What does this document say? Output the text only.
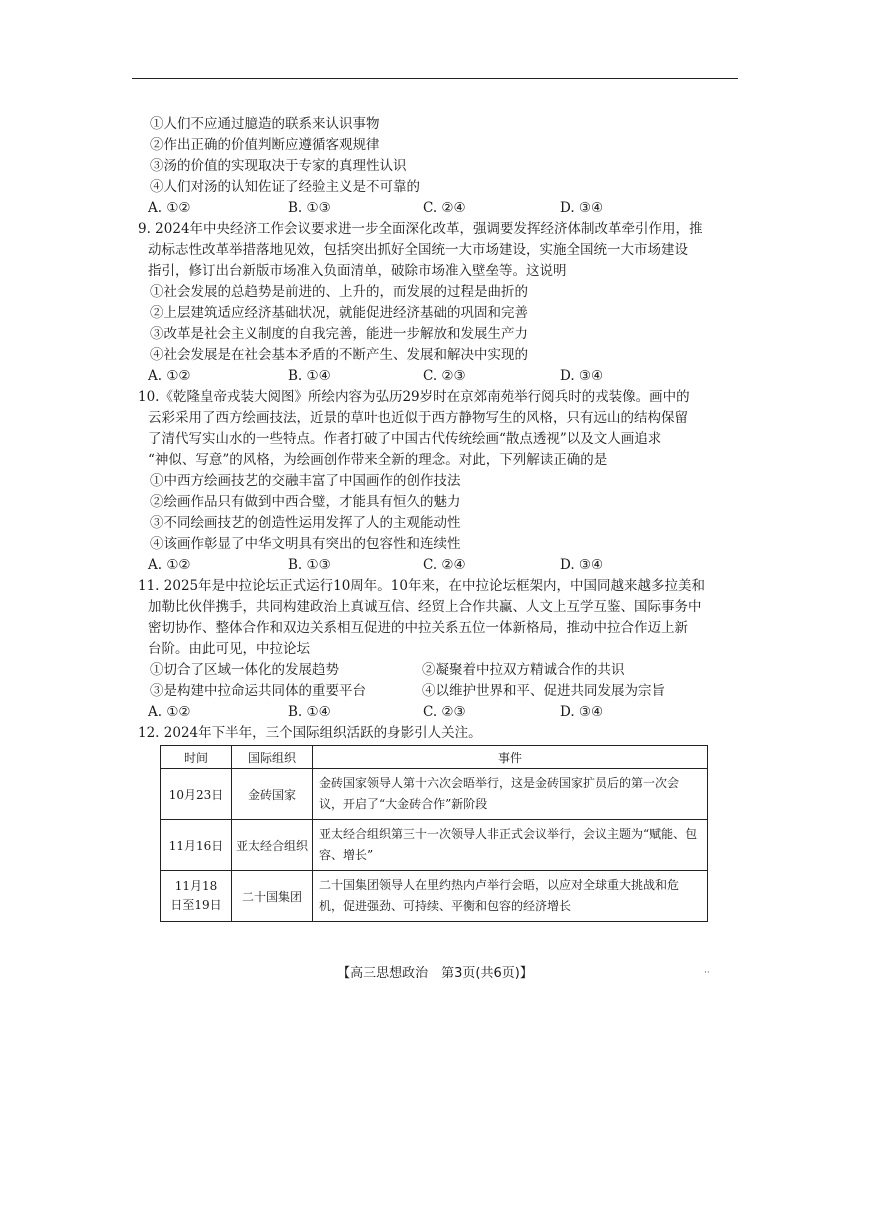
①人们不应通过臆造的联系来认识事物
②作出正确的价值判断应遵循客观规律
③汤的价值的实现取决于专家的真理性认识
④人们对汤的认知佐证了经验主义是不可靠的
A. ①②	B. ①③	C. ②④	D. ③④
9. 2024年中央经济工作会议要求进一步全面深化改革，强调要发挥经济体制改革牵引作用，推
动标志性改革举措落地见效，包括突出抓好全国统一大市场建设，实施全国统一大市场建设
指引，修订出台新版市场准入负面清单，破除市场准入壁垒等。这说明
①社会发展的总趋势是前进的、上升的，而发展的过程是曲折的
②上层建筑适应经济基础状况，就能促进经济基础的巩固和完善
③改革是社会主义制度的自我完善，能进一步解放和发展生产力
④社会发展是在社会基本矛盾的不断产生、发展和解决中实现的
A. ①②	B. ①④	C. ②③	D. ③④
10.《乾隆皇帝戎装大阅图》所绘内容为弘历29岁时在京郊南苑举行阅兵时的戎装像。画中的
云彩采用了西方绘画技法，近景的草叶也近似于西方静物写生的风格，只有远山的结构保留
了清代写实山水的一些特点。作者打破了中国古代传统绘画“散点透视”以及文人画追求
“神似、写意”的风格，为绘画创作带来全新的理念。对此，下列解读正确的是
①中西方绘画技艺的交融丰富了中国画作的创作技法
②绘画作品只有做到中西合璧，才能具有恒久的魅力
③不同绘画技艺的创造性运用发挥了人的主观能动性
④该画作彰显了中华文明具有突出的包容性和连续性
A. ①②	B. ①③	C. ②④	D. ③④
11. 2025年是中拉论坛正式运行10周年。10年来，在中拉论坛框架内，中国同越来越多拉美和
加勒比伙伴携手，共同构建政治上真诚互信、经贸上合作共赢、人文上互学互鉴、国际事务中
密切协作、整体合作和双边关系相互促进的中拉关系五位一体新格局，推动中拉合作迈上新
台阶。由此可见，中拉论坛
①切合了区域一体化的发展趋势	②凝聚着中拉双方精诚合作的共识
③是构建中拉命运共同体的重要平台	④以维护世界和平、促进共同发展为宗旨
A. ①②	B. ①④	C. ②③	D. ③④
12. 2024年下半年，三个国际组织活跃的身影引人关注。
时间	国际组织	事件
10月23日	金砖国家	金砖国家领导人第十六次会晤举行，这是金砖国家扩员后的第一次会议，开启了“大金砖合作”新阶段
11月16日	亚太经合组织	亚太经合组织第三十一次领导人非正式会议举行，会议主题为“赋能、包容、增长”
11月18日至19日	二十国集团	二十国集团领导人在里约热内卢举行会晤，以应对全球重大挑战和危机，促进强劲、可持续、平衡和包容的经济增长
【高三思想政治　第3页(共6页)】	··
